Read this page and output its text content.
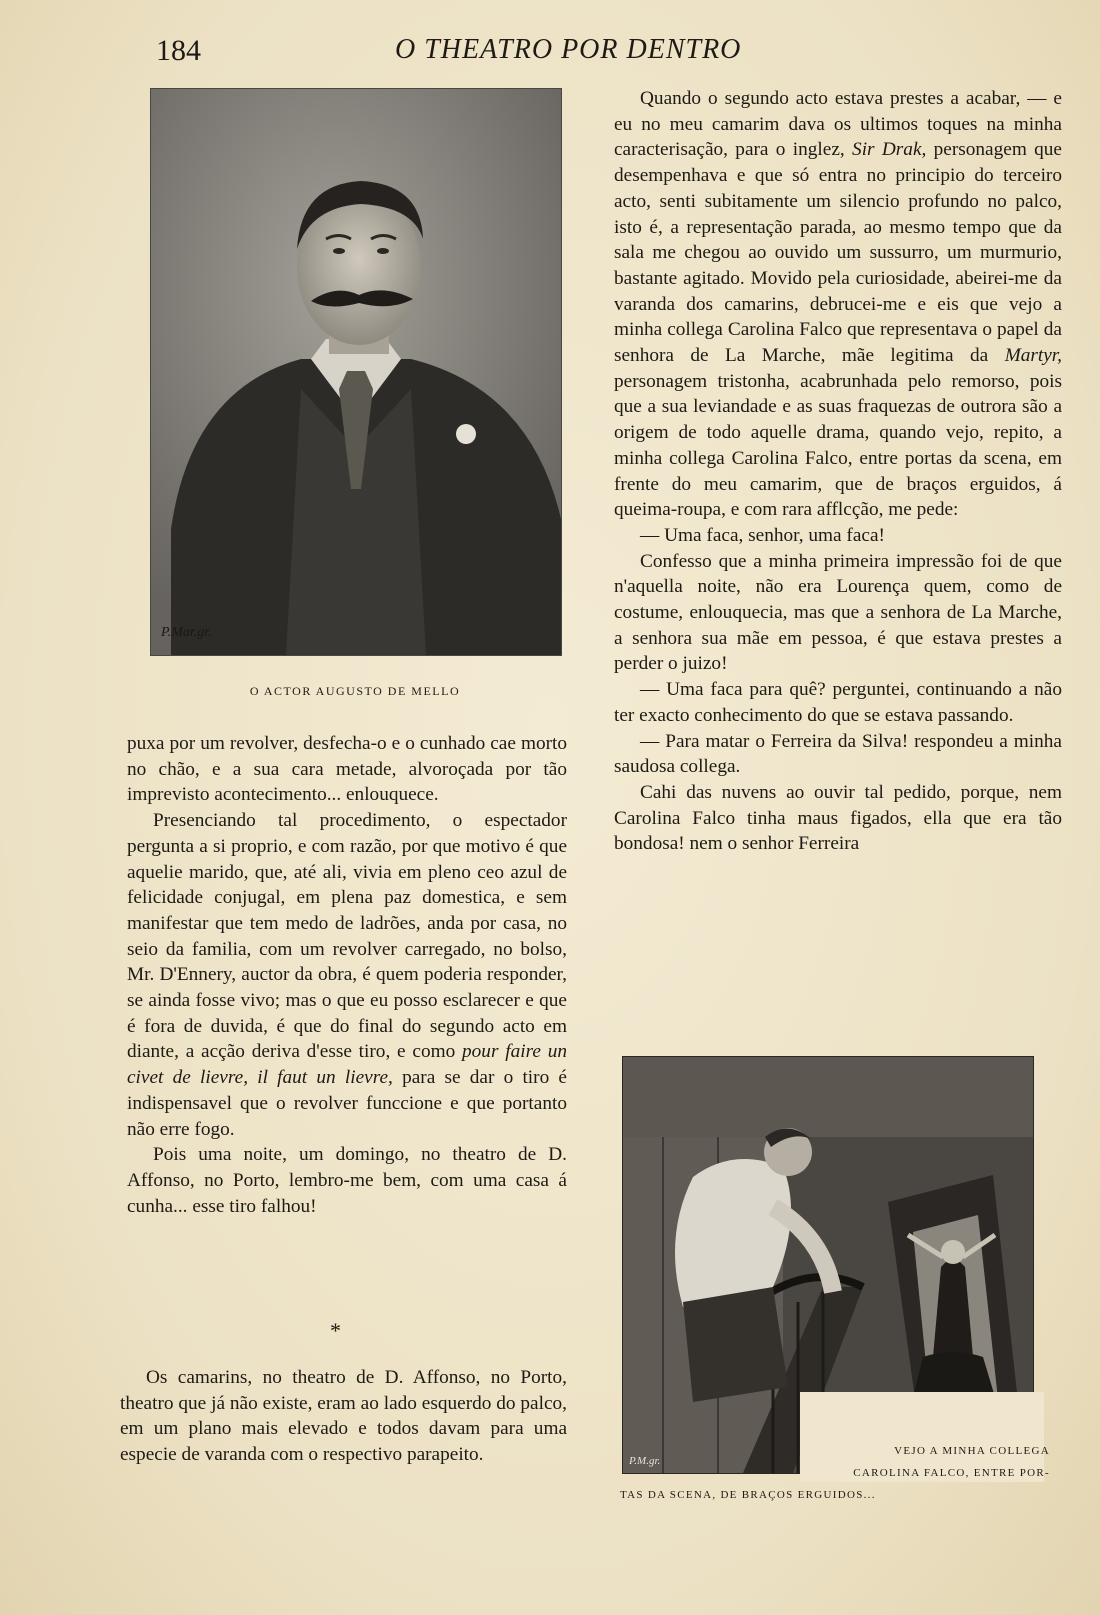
184	O THEATRO POR DENTRO
P.Mar.gr.
O ACTOR AUGUSTO DE MELLO

puxa por um revolver, desfecha-o e o cunhado cae morto no chão, e a sua cara metade, alvoroçada por tão imprevisto acontecimento... enlouquece.

Presenciando tal procedimento, o espectador pergunta a si proprio, e com razão, por que motivo é que aquelie marido, que, até ali, vivia em pleno ceo azul de felicidade conjugal, em plena paz domestica, e sem manifestar que tem medo de ladrões, anda por casa, no seio da familia, com um revolver carregado, no bolso, Mr. D'Ennery, auctor da obra, é quem poderia responder, se ainda fosse vivo; mas o que eu posso esclarecer e que é fora de duvida, é que do final do segundo acto em diante, a acção deriva d'esse tiro, e como pour faire un civet de lievre, il faut un lievre, para se dar o tiro é indispensavel que o revolver funccione e que portanto não erre fogo.

Pois uma noite, um domingo, no theatro de D. Affonso, no Porto, lembro-me bem, com uma casa á cunha... esse tiro falhou!

*

Os camarins, no theatro de D. Affonso, no Porto, theatro que já não existe, eram ao lado esquerdo do palco, em um plano mais elevado e todos davam para uma especie de varanda com o respectivo parapeito.

Quando o segundo acto estava prestes a acabar, — e eu no meu camarim dava os ultimos toques na minha caracterisação, para o inglez, Sir Drak, personagem que desempenhava e que só entra no principio do terceiro acto, senti subitamente um silencio profundo no palco, isto é, a representação parada, ao mesmo tempo que da sala me chegou ao ouvido um sussurro, um murmurio, bastante agitado. Movido pela curiosidade, abeirei-me da varanda dos camarins, debrucei-me e eis que vejo a minha collega Carolina Falco que representava o papel da senhora de La Marche, mãe legitima da Martyr, personagem tristonha, acabrunhada pelo remorso, pois que a sua leviandade e as suas fraquezas de outrora são a origem de todo aquelle drama, quando vejo, repito, a minha collega Carolina Falco, entre portas da scena, em frente do meu camarim, que de braços erguidos, á queima-roupa, e com rara afflcção, me pede:

— Uma faca, senhor, uma faca!

Confesso que a minha primeira impressão foi de que n'aquella noite, não era Lourença quem, como de costume, enlouquecia, mas que a senhora de La Marche, a senhora sua mãe em pessoa, é que estava prestes a perder o juizo!

— Uma faca para quê? perguntei, continuando a não ter exacto conhecimento do que se estava passando.

— Para matar o Ferreira da Silva! respondeu a minha saudosa collega.

Cahi das nuvens ao ouvir tal pedido, porque, nem Carolina Falco tinha maus figados, ella que era tão bondosa! nem o senhor Ferreira

P.M.gr.
VEJO A MINHA COLLEGA
CAROLINA FALCO, ENTRE POR-
TAS DA SCENA, DE BRAÇOS ERGUIDOS...
